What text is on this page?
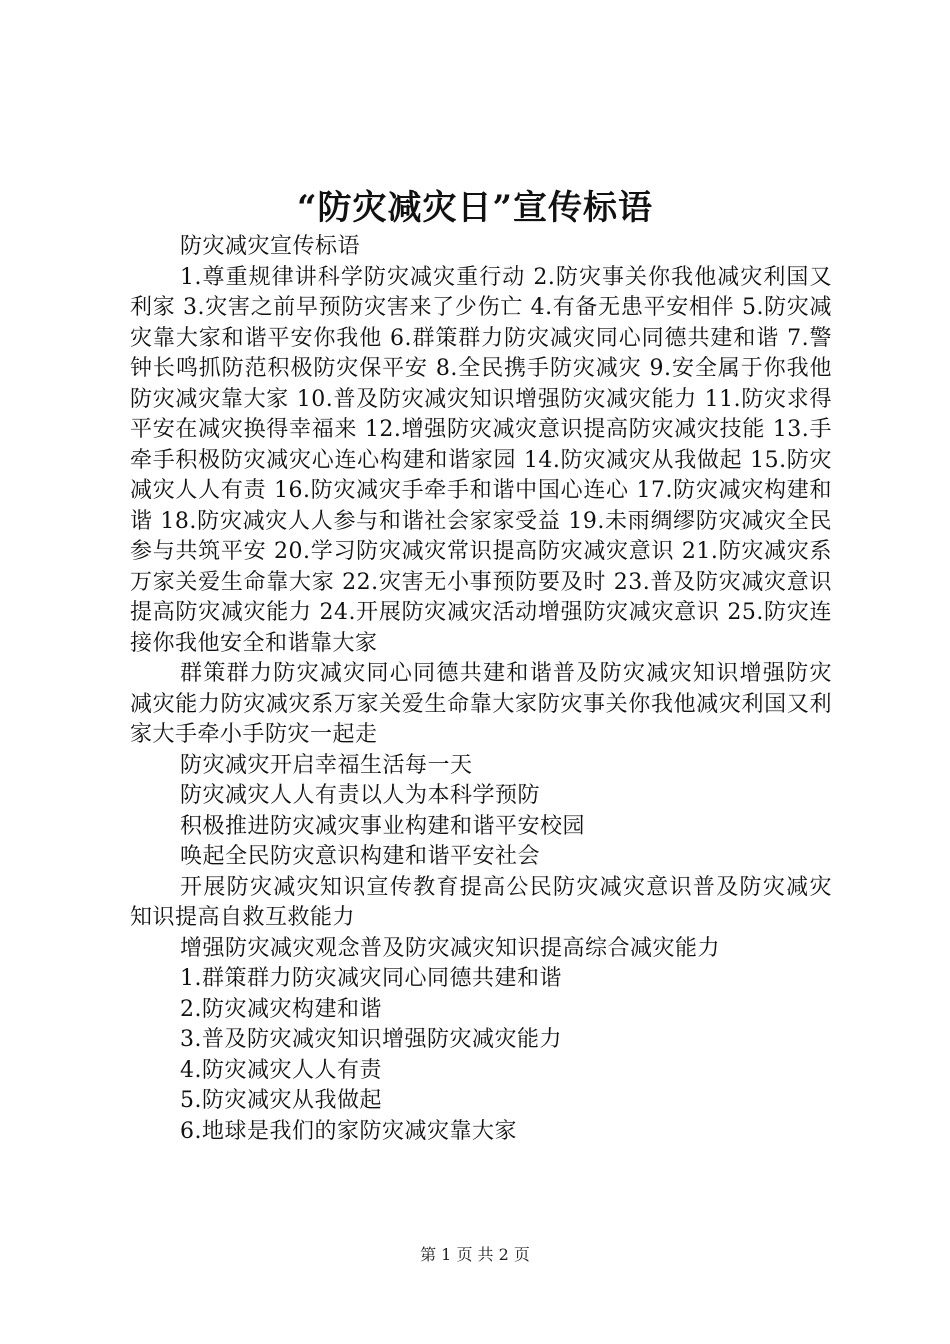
“防灾减灾日”宣传标语

防灾减灾宣传标语

1.尊重规律讲科学防灾减灾重行动 2.防灾事关你我他减灾利国又利家 3.灾害之前早预防灾害来了少伤亡 4.有备无患平安相伴 5.防灾减灾靠大家和谐平安你我他 6.群策群力防灾减灾同心同德共建和谐 7.警钟长鸣抓防范积极防灾保平安 8.全民携手防灾减灾 9.安全属于你我他防灾减灾靠大家 10.普及防灾减灾知识增强防灾减灾能力 11.防灾求得平安在减灾换得幸福来 12.增强防灾减灾意识提高防灾减灾技能 13.手牵手积极防灾减灾心连心构建和谐家园 14.防灾减灾从我做起 15.防灾减灾人人有责 16.防灾减灾手牵手和谐中国心连心 17.防灾减灾构建和谐 18.防灾减灾人人参与和谐社会家家受益 19.未雨绸缪防灾减灾全民参与共筑平安 20.学习防灾减灾常识提高防灾减灾意识 21.防灾减灾系万家关爱生命靠大家 22.灾害无小事预防要及时 23.普及防灾减灾意识提高防灾减灾能力 24.开展防灾减灾活动增强防灾减灾意识 25.防灾连接你我他安全和谐靠大家

群策群力防灾减灾同心同德共建和谐普及防灾减灾知识增强防灾减灾能力防灾减灾系万家关爱生命靠大家防灾事关你我他减灾利国又利家大手牵小手防灾一起走

防灾减灾开启幸福生活每一天

防灾减灾人人有责以人为本科学预防

积极推进防灾减灾事业构建和谐平安校园

唤起全民防灾意识构建和谐平安社会

开展防灾减灾知识宣传教育提高公民防灾减灾意识普及防灾减灾知识提高自救互救能力

增强防灾减灾观念普及防灾减灾知识提高综合减灾能力

1.群策群力防灾减灾同心同德共建和谐

2.防灾减灾构建和谐

3.普及防灾减灾知识增强防灾减灾能力

4.防灾减灾人人有责

5.防灾减灾从我做起

6.地球是我们的家防灾减灾靠大家

第 1 页 共 2 页
